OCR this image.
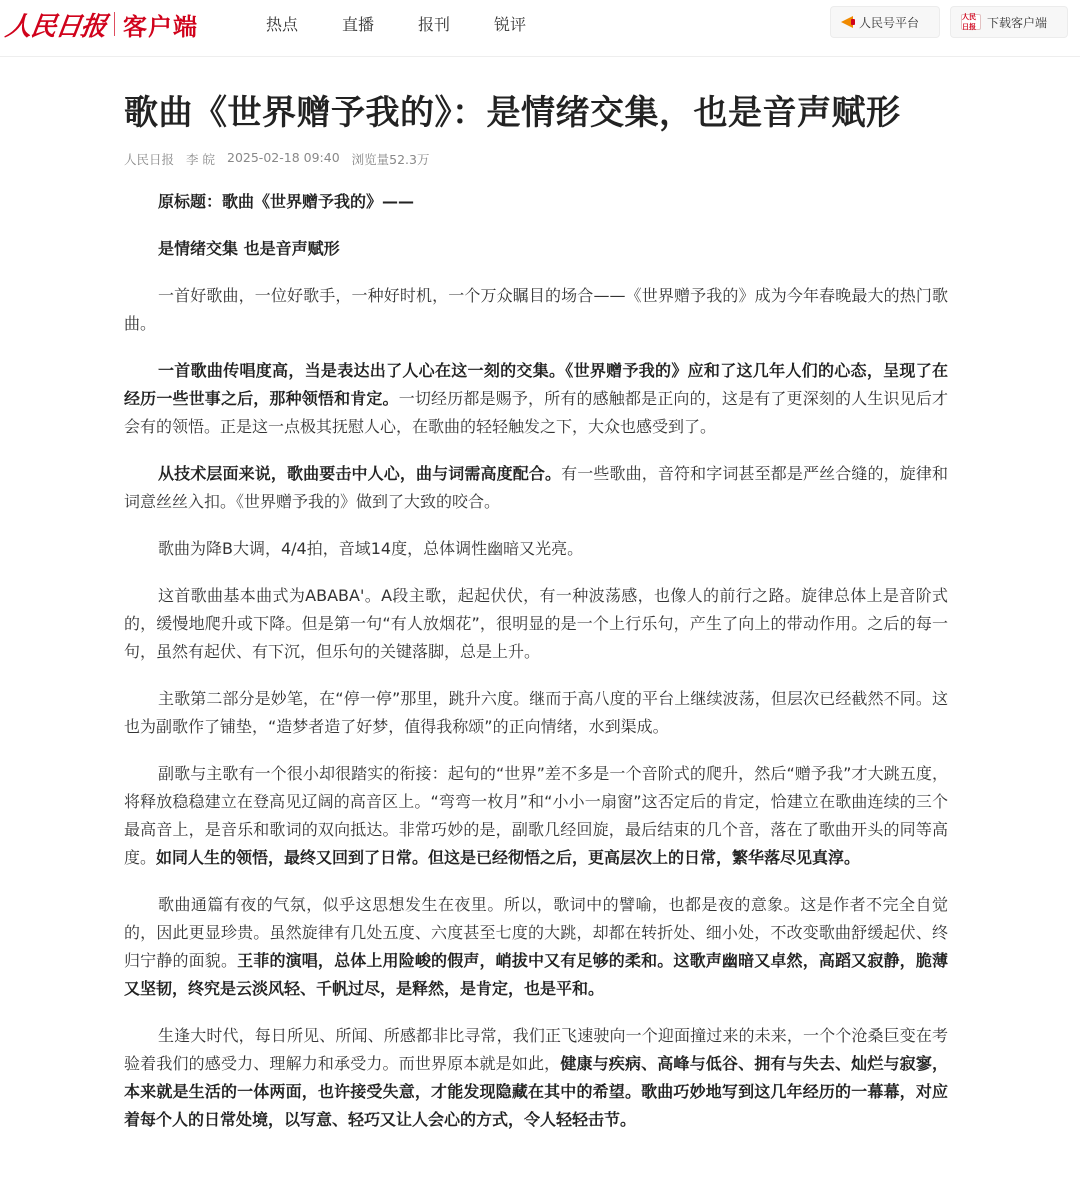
人民日报 客户端	热点	直播	报刊	锐评	人民号平台	人民日报 下载客户端
歌曲《世界赠予我的》：是情绪交集，也是音声赋形
人民日报 李 皖 2025-02-18 09:40 浏览量52.3万

原标题：歌曲《世界赠予我的》——

是情绪交集 也是音声赋形

一首好歌曲，一位好歌手，一种好时机，一个万众瞩目的场合——《世界赠予我的》成为今年春晚最大的热门歌曲。

一首歌曲传唱度高，当是表达出了人心在这一刻的交集。《世界赠予我的》应和了这几年人们的心态，呈现了在经历一些世事之后，那种领悟和肯定。一切经历都是赐予，所有的感触都是正向的，这是有了更深刻的人生识见后才会有的领悟。正是这一点极其抚慰人心，在歌曲的轻轻触发之下，大众也感受到了。

从技术层面来说，歌曲要击中人心，曲与词需高度配合。有一些歌曲，音符和字词甚至都是严丝合缝的，旋律和词意丝丝入扣。《世界赠予我的》做到了大致的咬合。

歌曲为降B大调，4/4拍，音域14度，总体调性幽暗又光亮。

这首歌曲基本曲式为ABABA'。A段主歌，起起伏伏，有一种波荡感，也像人的前行之路。旋律总体上是音阶式的，缓慢地爬升或下降。但是第一句“有人放烟花”，很明显的是一个上行乐句，产生了向上的带动作用。之后的每一句，虽然有起伏、有下沉，但乐句的关键落脚，总是上升。

主歌第二部分是妙笔，在“停一停”那里，跳升六度。继而于高八度的平台上继续波荡，但层次已经截然不同。这也为副歌作了铺垫，“造梦者造了好梦，值得我称颂”的正向情绪，水到渠成。

副歌与主歌有一个很小却很踏实的衔接：起句的“世界”差不多是一个音阶式的爬升，然后“赠予我”才大跳五度，将释放稳稳建立在登高见辽阔的高音区上。“弯弯一枚月”和“小小一扇窗”这否定后的肯定，恰建立在歌曲连续的三个最高音上，是音乐和歌词的双向抵达。非常巧妙的是，副歌几经回旋，最后结束的几个音，落在了歌曲开头的同等高度。如同人生的领悟，最终又回到了日常。但这是已经彻悟之后，更高层次上的日常，繁华落尽见真淳。

歌曲通篇有夜的气氛，似乎这思想发生在夜里。所以，歌词中的譬喻，也都是夜的意象。这是作者不完全自觉的，因此更显珍贵。虽然旋律有几处五度、六度甚至七度的大跳，却都在转折处、细小处，不改变歌曲舒缓起伏、终归宁静的面貌。王菲的演唱，总体上用险峻的假声，峭拔中又有足够的柔和。这歌声幽暗又卓然，高蹈又寂静，脆薄又坚韧，终究是云淡风轻、千帆过尽，是释然，是肯定，也是平和。

生逢大时代，每日所见、所闻、所感都非比寻常，我们正飞速驶向一个迎面撞过来的未来，一个个沧桑巨变在考验着我们的感受力、理解力和承受力。而世界原本就是如此，健康与疾病、高峰与低谷、拥有与失去、灿烂与寂寥，本来就是生活的一体两面，也许接受失意，才能发现隐藏在其中的希望。歌曲巧妙地写到这几年经历的一幕幕，对应着每个人的日常处境，以写意、轻巧又让人会心的方式，令人轻轻击节。
